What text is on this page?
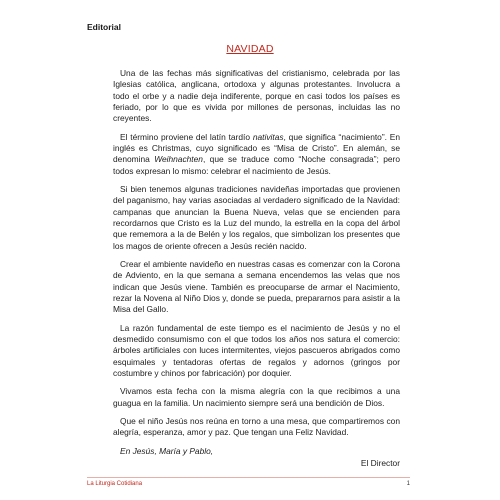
Editorial
NAVIDAD

Una de las fechas más significativas del cristianismo, celebrada por las Iglesias católica, anglicana, ortodoxa y algunas protestantes. Involucra a todo el orbe y a nadie deja indiferente, porque en casi todos los países es feriado, por lo que es vivida por millones de personas, incluidas las no creyentes.

El término proviene del latín tardío nativitas, que significa “nacimiento”. En inglés es Christmas, cuyo significado es “Misa de Cristo”. En alemán, se denomina Weihnachten, que se traduce como “Noche consagrada”; pero todos expresan lo mismo: celebrar el nacimiento de Jesús.

Si bien tenemos algunas tradiciones navideñas importadas que provienen del paganismo, hay varias asociadas al verdadero significado de la Navidad: campanas que anuncian la Buena Nueva, velas que se encienden para recordarnos que Cristo es la Luz del mundo, la estrella en la copa del árbol que rememora a la de Belén y los regalos, que simbolizan los presentes que los magos de oriente ofrecen a Jesús recién nacido.

Crear el ambiente navideño en nuestras casas es comenzar con la Corona de Adviento, en la que semana a semana encendemos las velas que nos indican que Jesús viene. También es preocuparse de armar el Nacimiento, rezar la Novena al Niño Dios y, donde se pueda, prepararnos para asistir a la Misa del Gallo.

La razón fundamental de este tiempo es el nacimiento de Jesús y no el desmedido consumismo con el que todos los años nos satura el comercio: árboles artificiales con luces intermitentes, viejos pascueros abrigados como esquimales y tentadoras ofertas de regalos y adornos (gringos por costumbre y chinos por fabricación) por doquier.

Vivamos esta fecha con la misma alegría con la que recibimos a una guagua en la familia. Un nacimiento siempre será una bendición de Dios.

Que el niño Jesús nos reúna en torno a una mesa, que compartiremos con alegría, esperanza, amor y paz. Que tengan una Feliz Navidad.

En Jesús, María y Pablo,
El Director
La Liturgia Cotidiana	1
